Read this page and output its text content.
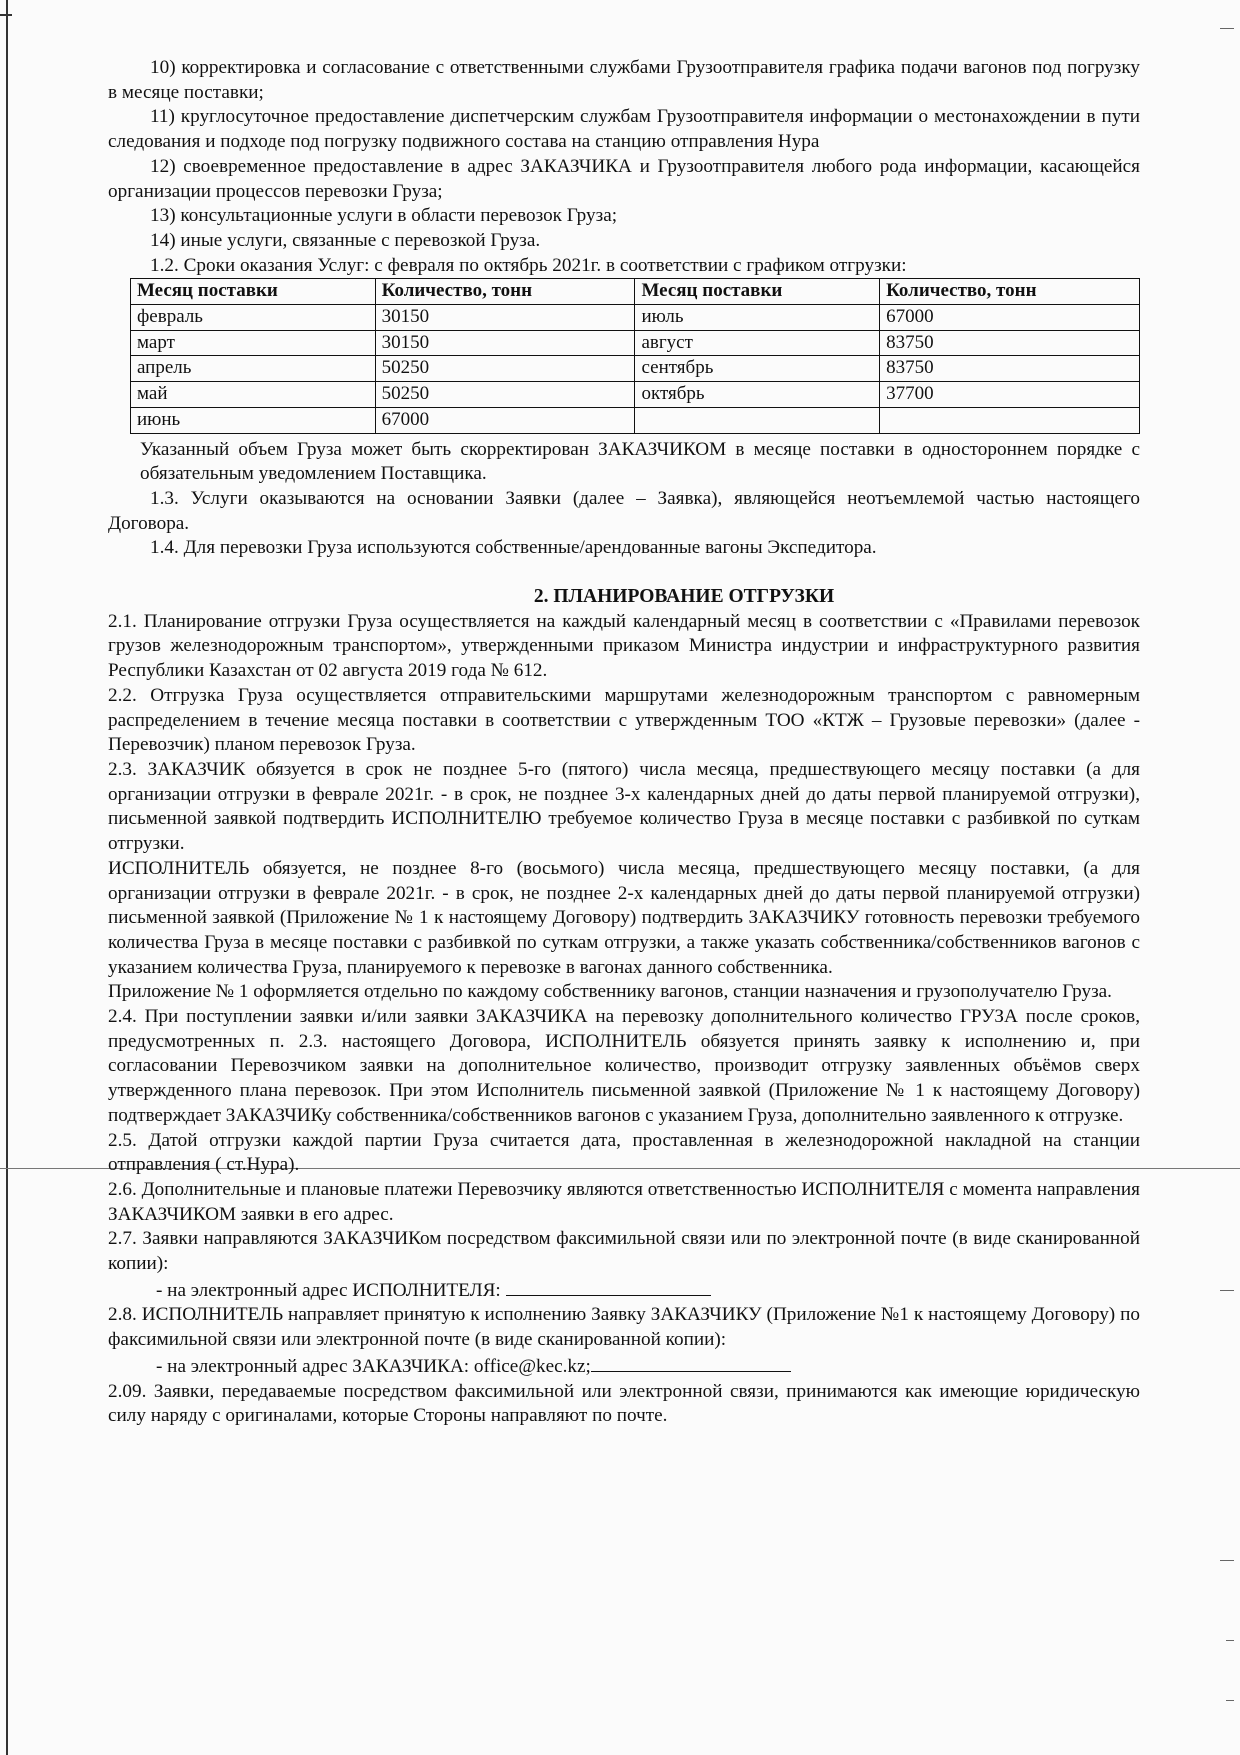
10) корректировка и согласование с ответственными службами Грузоотправителя графика подачи вагонов под погрузку в месяце поставки;

11) круглосуточное предоставление диспетчерским службам Грузоотправителя информации о местонахождении в пути следования и подходе под погрузку подвижного состава на станцию отправления Нура

12) своевременное предоставление в адрес ЗАКАЗЧИКА и Грузоотправителя любого рода информации, касающейся организации процессов перевозки Груза;

13) консультационные услуги в области перевозок Груза;

14) иные услуги, связанные с перевозкой Груза.

1.2. Сроки оказания Услуг: с февраля по октябрь 2021г. в соответствии с графиком отгрузки:

Месяц поставки	Количество, тонн	Месяц поставки	Количество, тонн
февраль	30150	июль	67000
март	30150	август	83750
апрель	50250	сентябрь	83750
май	50250	октябрь	37700
июнь	67000		

Указанный объем Груза может быть скорректирован ЗАКАЗЧИКОМ в месяце поставки в одностороннем порядке с обязательным уведомлением Поставщика.

1.3. Услуги оказываются на основании Заявки (далее – Заявка), являющейся неотъемлемой частью настоящего Договора.

1.4. Для перевозки Груза используются собственные/арендованные вагоны Экспедитора.

2. ПЛАНИРОВАНИЕ ОТГРУЗКИ

2.1. Планирование отгрузки Груза осуществляется на каждый календарный месяц в соответствии с «Правилами перевозок грузов железнодорожным транспортом», утвержденными приказом Министра индустрии и инфраструктурного развития Республики Казахстан от 02 августа 2019 года № 612.

2.2. Отгрузка Груза осуществляется отправительскими маршрутами железнодорожным транспортом с равномерным распределением в течение месяца поставки в соответствии с утвержденным ТОО «КТЖ – Грузовые перевозки» (далее - Перевозчик) планом перевозок Груза.

2.3. ЗАКАЗЧИК обязуется в срок не позднее 5-го (пятого) числа месяца, предшествующего месяцу поставки (а для организации отгрузки в феврале 2021г. - в срок, не позднее 3-х календарных дней до даты первой планируемой отгрузки), письменной заявкой подтвердить ИСПОЛНИТЕЛЮ требуемое количество Груза в месяце поставки с разбивкой по суткам отгрузки.

ИСПОЛНИТЕЛЬ обязуется, не позднее 8-го (восьмого) числа месяца, предшествующего месяцу поставки, (а для организации отгрузки в феврале 2021г. - в срок, не позднее 2-х календарных дней до даты первой планируемой отгрузки) письменной заявкой (Приложение № 1 к настоящему Договору) подтвердить ЗАКАЗЧИКУ готовность перевозки требуемого количества Груза в месяце поставки с разбивкой по суткам отгрузки, а также указать собственника/собственников вагонов с указанием количества Груза, планируемого к перевозке в вагонах данного собственника.

Приложение № 1 оформляется отдельно по каждому собственнику вагонов, станции назначения и грузополучателю Груза.

2.4. При поступлении заявки и/или заявки ЗАКАЗЧИКА на перевозку дополнительного количество ГРУЗА после сроков, предусмотренных п. 2.3. настоящего Договора, ИСПОЛНИТЕЛЬ обязуется принять заявку к исполнению и, при согласовании Перевозчиком заявки на дополнительное количество, производит отгрузку заявленных объёмов сверх утвержденного плана перевозок. При этом Исполнитель письменной заявкой (Приложение № 1 к настоящему Договору) подтверждает ЗАКАЗЧИКу собственника/собственников вагонов с указанием Груза, дополнительно заявленного к отгрузке.

2.5. Датой отгрузки каждой партии Груза считается дата, проставленная в железнодорожной накладной на станции отправления ( ст.Нура).

2.6. Дополнительные и плановые платежи Перевозчику являются ответственностью ИСПОЛНИТЕЛЯ с момента направления ЗАКАЗЧИКОМ заявки в его адрес.

2.7. Заявки направляются ЗАКАЗЧИКом посредством факсимильной связи или по электронной почте (в виде сканированной копии):

- на электронный адрес ИСПОЛНИТЕЛЯ:

2.8. ИСПОЛНИТЕЛЬ направляет принятую к исполнению Заявку ЗАКАЗЧИКУ (Приложение №1 к настоящему Договору) по факсимильной связи или электронной почте (в виде сканированной копии):

- на электронный адрес ЗАКАЗЧИКА: office@kec.kz;

2.09. Заявки, передаваемые посредством факсимильной или электронной связи, принимаются как имеющие юридическую силу наряду с оригиналами, которые Стороны направляют по почте.
